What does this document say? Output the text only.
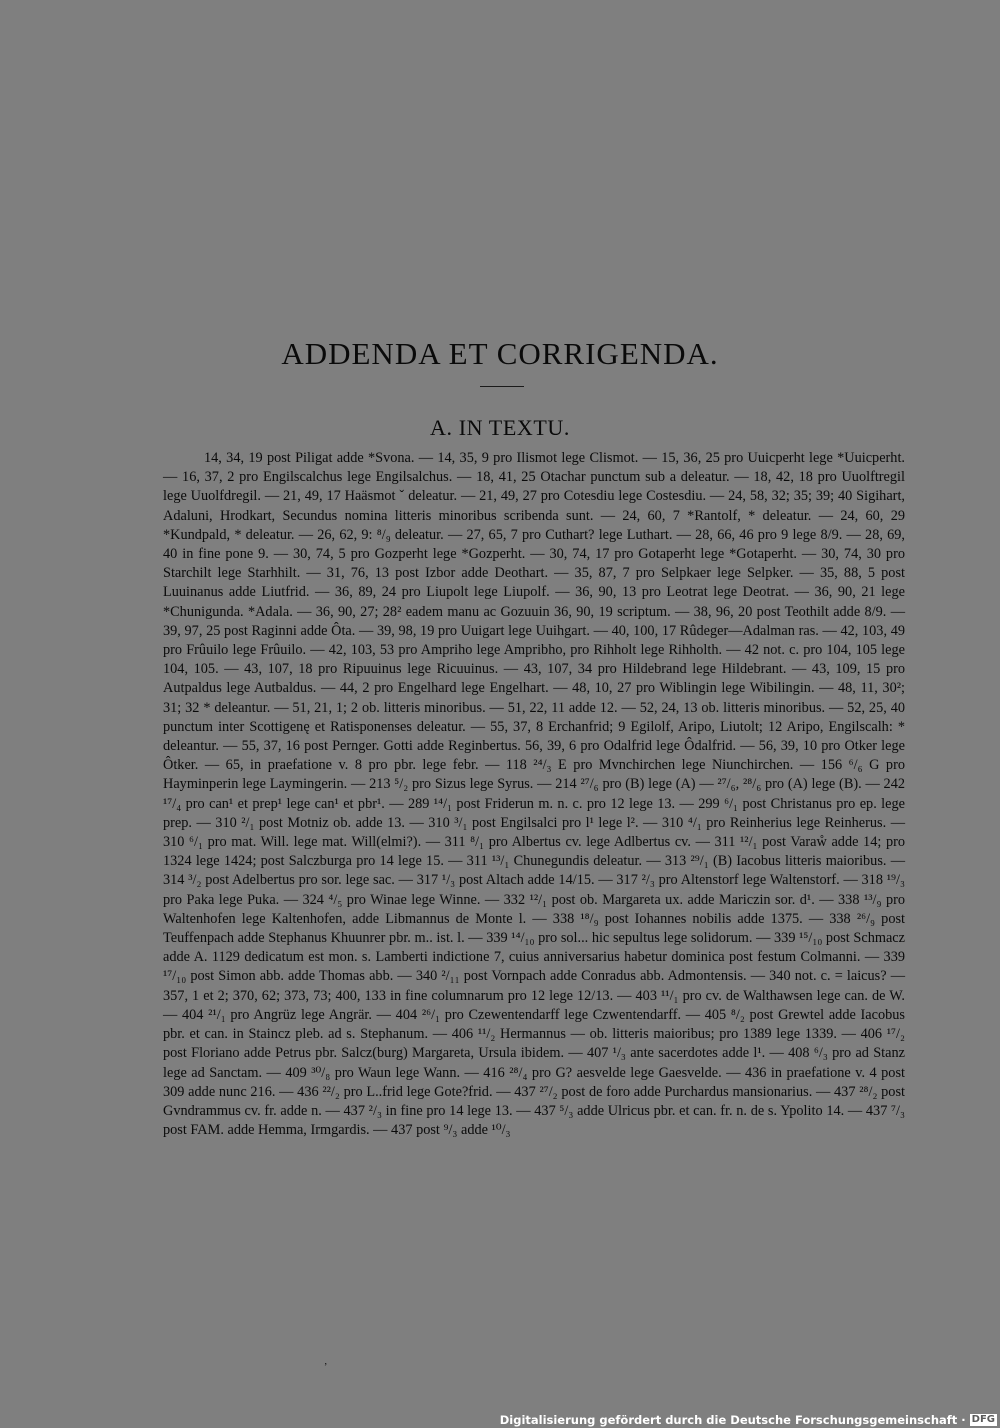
ADDENDA ET CORRIGENDA.
A. IN TEXTU.

14, 34, 19 post Piligat adde *Svona. — 14, 35, 9 pro Ilismot lege Clismot. — 15, 36, 25 pro Uuicperht lege *Uuicperht. — 16, 37, 2 pro Engilscalchus lege Engilsalchus. — 18, 41, 25 Otachar punctum sub a deleatur. — 18, 42, 18 pro Uuolftregil lege Uuolfdregil. — 21, 49, 17 Haäsmot ˇ deleatur. — 21, 49, 27 pro Cotesdiu lege Costesdiu. — 24, 58, 32; 35; 39; 40 Sigihart, Adaluni, Hrodkart, Secundus nomina litteris minoribus scribenda sunt. — 24, 60, 7 *Rantolf, * deleatur. — 24, 60, 29 *Kundpald, * deleatur. — 26, 62, 9: ⁸/₉ deleatur. — 27, 65, 7 pro Cuthart? lege Luthart. — 28, 66, 46 pro 9 lege 8/9. — 28, 69, 40 in fine pone 9. — 30, 74, 5 pro Gozperht lege *Gozperht. — 30, 74, 17 pro Gotaperht lege *Gotaperht. — 30, 74, 30 pro Starchilt lege Starhhilt. — 31, 76, 13 post Izbor adde Deothart. — 35, 87, 7 pro Selpkaer lege Selpker. — 35, 88, 5 post Luuinanus adde Liutfrid. — 36, 89, 24 pro Liupolt lege Liupolf. — 36, 90, 13 pro Leotrat lege Deotrat. — 36, 90, 21 lege *Chunigunda. *Adala. — 36, 90, 27; 28² eadem manu ac Gozuuin 36, 90, 19 scriptum. — 38, 96, 20 post Teothilt adde 8/9. — 39, 97, 25 post Raginni adde Ôta. — 39, 98, 19 pro Uuigart lege Uuihgart. — 40, 100, 17 Rûdeger—Adalman ras. — 42, 103, 49 pro Frûuilo lege Frûuilo. — 42, 103, 53 pro Ampriho lege Ampribho, pro Rihholt lege Rihholth. — 42 not. c. pro 104, 105 lege 104, 105. — 43, 107, 18 pro Ripuuinus lege Ricuuinus. — 43, 107, 34 pro Hildebrand lege Hildebrant. — 43, 109, 15 pro Autpaldus lege Autbaldus. — 44, 2 pro Engelhard lege Engelhart. — 48, 10, 27 pro Wiblingin lege Wibilingin. — 48, 11, 30²; 31; 32 * deleantur. — 51, 21, 1; 2 ob. litteris minoribus. — 51, 22, 11 adde 12. — 52, 24, 13 ob. litteris minoribus. — 52, 25, 40 punctum inter Scottigenę et Ratisponenses deleatur. — 55, 37, 8 Erchanfrid; 9 Egilolf, Aripo, Liutolt; 12 Aripo, Engilscalh: * deleantur. — 55, 37, 16 post Pernger. Gotti adde Reginbertus. 56, 39, 6 pro Odalfrid lege Ôdalfrid. — 56, 39, 10 pro Otker lege Ôtker. — 65, in praefatione v. 8 pro pbr. lege febr. — 118 ²⁴/₃ E pro Mvnchirchen lege Niunchirchen. — 156 ⁶/₆ G pro Hayminperin lege Laymingerin. — 213 ⁵/₂ pro Sizus lege Syrus. — 214 ²⁷/₆ pro (B) lege (A) — ²⁷/₆, ²⁸/₆ pro (A) lege (B). — 242 ¹⁷/₄ pro can¹ et prep¹ lege can¹ et pbr¹. — 289 ¹⁴/₁ post Friderun m. n. c. pro 12 lege 13. — 299 ⁶/₁ post Christanus pro ep. lege prep. — 310 ²/₁ post Motniz ob. adde 13. — 310 ³/₁ post Engilsalci pro l¹ lege l². — 310 ⁴/₁ pro Reinherius lege Reinherus. — 310 ⁶/₁ pro mat. Will. lege mat. Will(elmi?). — 311 ⁸/₁ pro Albertus cv. lege Adlbertus cv. — 311 ¹²/₁ post Varaẘ adde 14; pro 1324 lege 1424; post Salczburga pro 14 lege 15. — 311 ¹³/₁ Chunegundis deleatur. — 313 ²⁹/₁ (B) Iacobus litteris maioribus. — 314 ³/₂ post Adelbertus pro sor. lege sac. — 317 ¹/₃ post Altach adde 14/15. — 317 ²/₃ pro Altenstorf lege Waltenstorf. — 318 ¹⁹/₃ pro Paka lege Puka. — 324 ⁴/₅ pro Winae lege Winne. — 332 ¹²/₁ post ob. Margareta ux. adde Mariczin sor. d¹. — 338 ¹³/₉ pro Waltenhofen lege Kaltenhofen, adde Libmannus de Monte l. — 338 ¹⁸/₉ post Iohannes nobilis adde 1375. — 338 ²⁶/₉ post Teuffenpach adde Stephanus Khuunrer pbr. m.. ist. l. — 339 ¹⁴/₁₀ pro sol... hic sepultus lege solidorum. — 339 ¹⁵/₁₀ post Schmacz adde A. 1129 dedicatum est mon. s. Lamberti indictione 7, cuius anniversarius habetur dominica post festum Colmanni. — 339 ¹⁷/₁₀ post Simon abb. adde Thomas abb. — 340 ²/₁₁ post Vornpach adde Conradus abb. Admontensis. — 340 not. c. = laicus? — 357, 1 et 2; 370, 62; 373, 73; 400, 133 in fine columnarum pro 12 lege 12/13. — 403 ¹¹/₁ pro cv. de Walthawsen lege can. de W. — 404 ²¹/₁ pro Angrüz lege Angrär. — 404 ²⁶/₁ pro Czewentendarff lege Czwentendarff. — 405 ⁸/₂ post Grewtel adde Iacobus pbr. et can. in Staincz pleb. ad s. Stephanum. — 406 ¹¹/₂ Hermannus — ob. litteris maioribus; pro 1389 lege 1339. — 406 ¹⁷/₂ post Floriano adde Petrus pbr. Salcz(burg) Margareta, Ursula ibidem. — 407 ¹/₃ ante sacerdotes adde l¹. — 408 ⁶/₃ pro ad Stanz lege ad Sanctam. — 409 ³⁰/₈ pro Waun lege Wann. — 416 ²⁸/₄ pro G? aesvelde lege Gaesvelde. — 436 in praefatione v. 4 post 309 adde nunc 216. — 436 ²²/₂ pro L..frid lege Gote?frid. — 437 ²⁷/₂ post de foro adde Purchardus mansionarius. — 437 ²⁸/₂ post Gvndrammus cv. fr. adde n. — 437 ²/₃ in fine pro 14 lege 13. — 437 ⁵/₃ adde Ulricus pbr. et can. fr. n. de s. Ypolito 14. — 437 ⁷/₃ post FAM. adde Hemma, Irmgardis. — 437 post ⁹/₃ adde ¹⁰/₃

ʼ
Digitalisierung gefördert durch die Deutsche Forschungsgemeinschaft · DFG
